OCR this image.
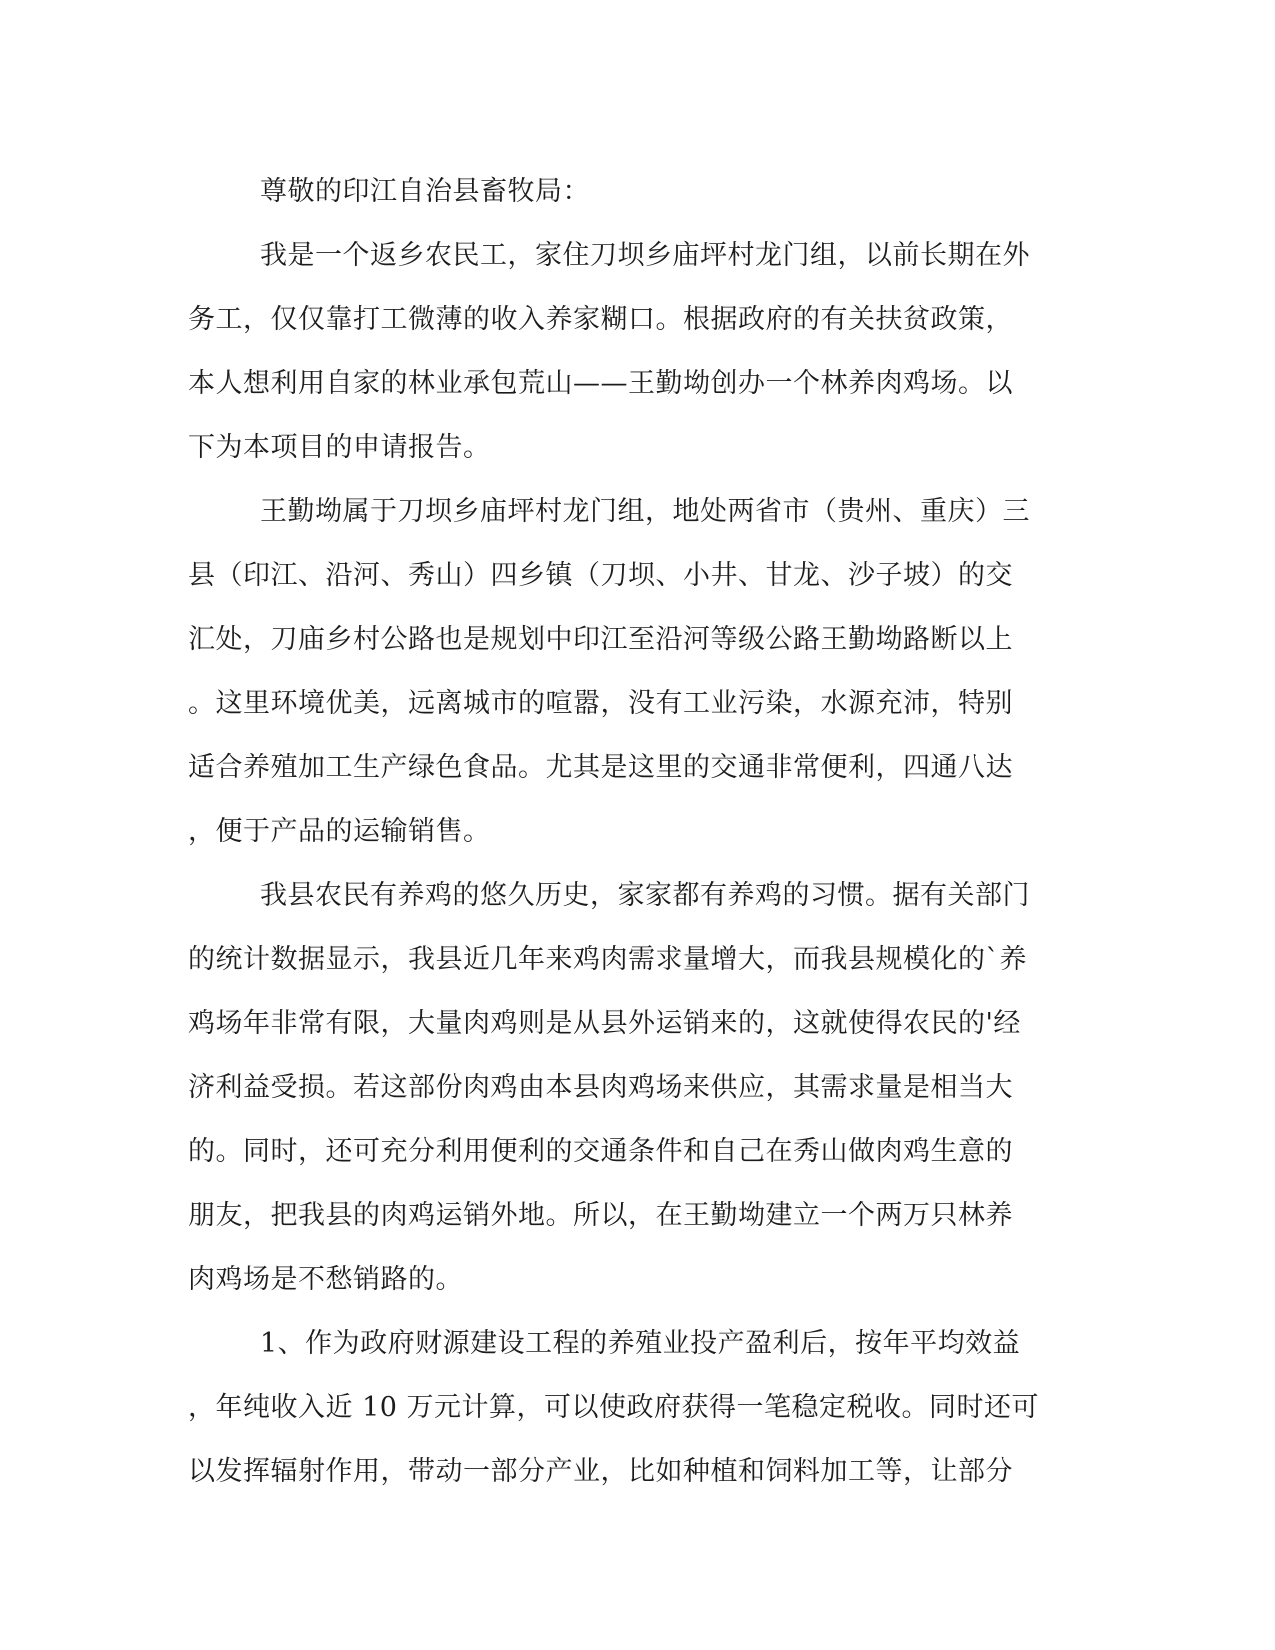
尊敬的印江自治县畜牧局：
我是一个返乡农民工，家住刀坝乡庙坪村龙门组，以前长期在外
务工，仅仅靠打工微薄的收入养家糊口。根据政府的有关扶贫政策，
本人想利用自家的林业承包荒山——王勤坳创办一个林养肉鸡场。以
下为本项目的申请报告。
王勤坳属于刀坝乡庙坪村龙门组，地处两省市（贵州、重庆）三
县（印江、沿河、秀山）四乡镇（刀坝、小井、甘龙、沙子坡）的交
汇处，刀庙乡村公路也是规划中印江至沿河等级公路王勤坳路断以上
。这里环境优美，远离城市的喧嚣，没有工业污染，水源充沛，特别
适合养殖加工生产绿色食品。尤其是这里的交通非常便利，四通八达
，便于产品的运输销售。
我县农民有养鸡的悠久历史，家家都有养鸡的习惯。据有关部门
的统计数据显示，我县近几年来鸡肉需求量增大，而我县规模化的`养
鸡场年非常有限，大量肉鸡则是从县外运销来的，这就使得农民的'经
济利益受损。若这部份肉鸡由本县肉鸡场来供应，其需求量是相当大
的。同时，还可充分利用便利的交通条件和自己在秀山做肉鸡生意的
朋友，把我县的肉鸡运销外地。所以，在王勤坳建立一个两万只林养
肉鸡场是不愁销路的。
1、作为政府财源建设工程的养殖业投产盈利后，按年平均效益
，年纯收入近 10 万元计算，可以使政府获得一笔稳定税收。同时还可
以发挥辐射作用，带动一部分产业，比如种植和饲料加工等，让部分
